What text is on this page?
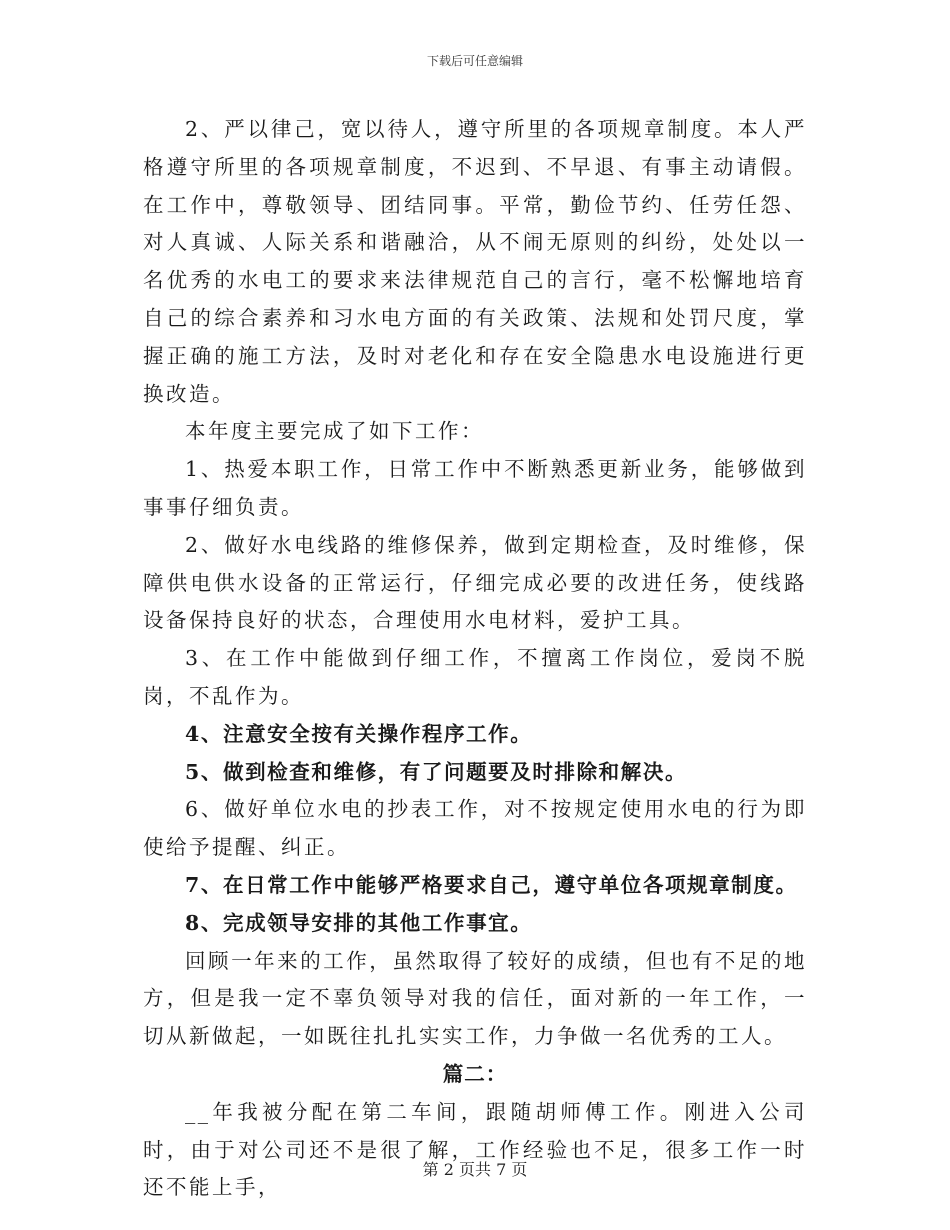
下载后可任意编辑

2、严以律己，宽以待人，遵守所里的各项规章制度。本人严格遵守所里的各项规章制度，不迟到、不早退、有事主动请假。在工作中，尊敬领导、团结同事。平常，勤俭节约、任劳任怨、对人真诚、人际关系和谐融洽，从不闹无原则的纠纷，处处以一名优秀的水电工的要求来法律规范自己的言行，毫不松懈地培育自己的综合素养和习水电方面的有关政策、法规和处罚尺度，掌握正确的施工方法，及时对老化和存在安全隐患水电设施进行更换改造。

本年度主要完成了如下工作：

1、热爱本职工作，日常工作中不断熟悉更新业务，能够做到事事仔细负责。

2、做好水电线路的维修保养，做到定期检查，及时维修，保障供电供水设备的正常运行，仔细完成必要的改进任务，使线路设备保持良好的状态，合理使用水电材料，爱护工具。

3、在工作中能做到仔细工作，不擅离工作岗位，爱岗不脱岗，不乱作为。

4、注意安全按有关操作程序工作。

5、做到检查和维修，有了问题要及时排除和解决。

6、做好单位水电的抄表工作，对不按规定使用水电的行为即使给予提醒、纠正。

7、在日常工作中能够严格要求自己，遵守单位各项规章制度。

8、完成领导安排的其他工作事宜。

回顾一年来的工作，虽然取得了较好的成绩，但也有不足的地方，但是我一定不辜负领导对我的信任，面对新的一年工作，一切从新做起，一如既往扎扎实实工作，力争做一名优秀的工人。

篇二：

__年我被分配在第二车间，跟随胡师傅工作。刚进入公司时，由于对公司还不是很了解，工作经验也不足，很多工作一时还不能上手，

第 2 页共 7 页
